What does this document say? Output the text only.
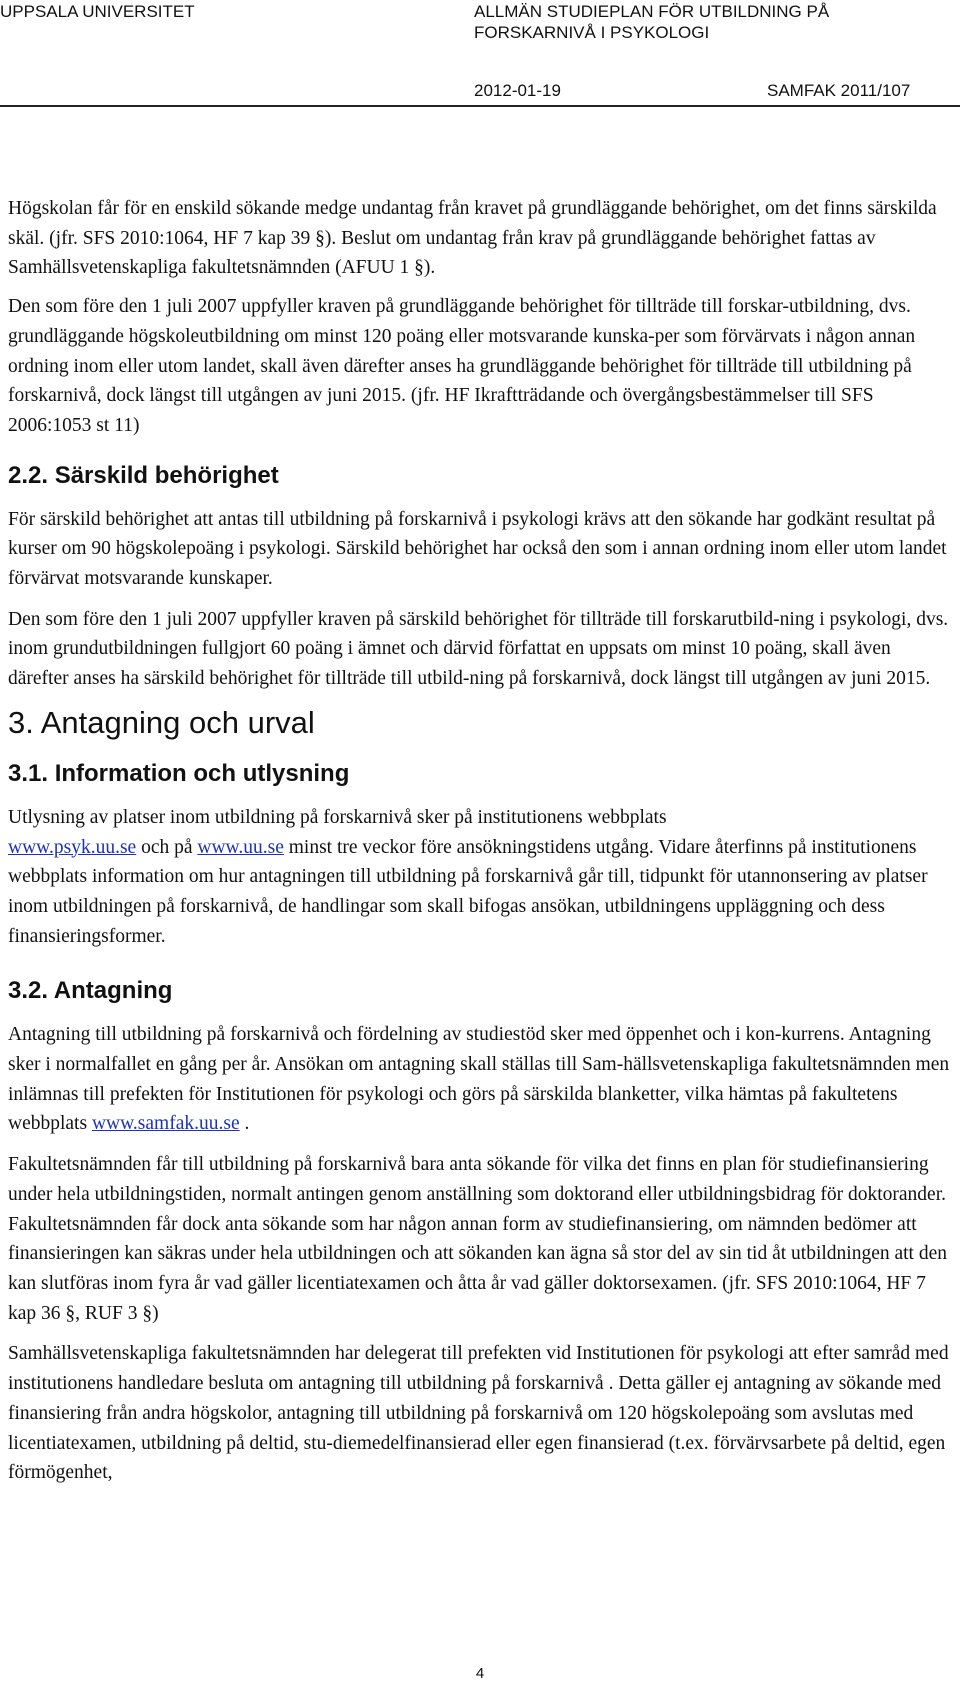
UPPSALA UNIVERSITET	ALLMÄN STUDIEPLAN FÖR UTBILDNING PÅ
FORSKARNIVÅ I PSYKOLOGI
2012-01-19	SAMFAK 2011/107

Högskolan får för en enskild sökande medge undantag från kravet på grundläggande behörighet, om det finns särskilda skäl. (jfr. SFS 2010:1064, HF 7 kap 39 §). Beslut om undantag från krav på grundläggande behörighet fattas av Samhällsvetenskapliga fakultetsnämnden (AFUU 1 §).

Den som före den 1 juli 2007 uppfyller kraven på grundläggande behörighet för tillträde till forskar-utbildning, dvs. grundläggande högskoleutbildning om minst 120 poäng eller motsvarande kunska-per som förvärvats i någon annan ordning inom eller utom landet, skall även därefter anses ha grundläggande behörighet för tillträde till utbildning på forskarnivå, dock längst till utgången av juni 2015. (jfr. HF Ikraftträdande och övergångsbestämmelser till SFS 2006:1053 st 11)

2.2. Särskild behörighet

För särskild behörighet att antas till utbildning på forskarnivå i psykologi krävs att den sökande har godkänt resultat på kurser om 90 högskolepoäng i psykologi. Särskild behörighet har också den som i annan ordning inom eller utom landet förvärvat motsvarande kunskaper.

Den som före den 1 juli 2007 uppfyller kraven på särskild behörighet för tillträde till forskarutbild-ning i psykologi, dvs. inom grundutbildningen fullgjort 60 poäng i ämnet och därvid författat en uppsats om minst 10 poäng, skall även därefter anses ha särskild behörighet för tillträde till utbild-ning på forskarnivå, dock längst till utgången av juni 2015.

3. Antagning och urval
3.1. Information och utlysning

Utlysning av platser inom utbildning på forskarnivå sker på institutionens webbplats
www.psyk.uu.se och på www.uu.se minst tre veckor före ansökningstidens utgång. Vidare återfinns på institutionens webbplats information om hur antagningen till utbildning på forskarnivå går till, tidpunkt för utannonsering av platser inom utbildningen på forskarnivå, de handlingar som skall bifogas ansökan, utbildningens uppläggning och dess finansieringsformer.

3.2. Antagning

Antagning till utbildning på forskarnivå och fördelning av studiestöd sker med öppenhet och i kon-kurrens. Antagning sker i normalfallet en gång per år. Ansökan om antagning skall ställas till Sam-hällsvetenskapliga fakultetsnämnden men inlämnas till prefekten för Institutionen för psykologi och görs på särskilda blanketter, vilka hämtas på fakultetens webbplats www.samfak.uu.se .

Fakultetsnämnden får till utbildning på forskarnivå bara anta sökande för vilka det finns en plan för studiefinansiering under hela utbildningstiden, normalt antingen genom anställning som doktorand eller utbildningsbidrag för doktorander. Fakultetsnämnden får dock anta sökande som har någon annan form av studiefinansiering, om nämnden bedömer att finansieringen kan säkras under hela utbildningen och att sökanden kan ägna så stor del av sin tid åt utbildningen att den kan slutföras inom fyra år vad gäller licentiatexamen och åtta år vad gäller doktorsexamen. (jfr. SFS 2010:1064, HF 7 kap 36 §, RUF 3 §)

Samhällsvetenskapliga fakultetsnämnden har delegerat till prefekten vid Institutionen för psykologi att efter samråd med institutionens handledare besluta om antagning till utbildning på forskarnivå . Detta gäller ej antagning av sökande med finansiering från andra högskolor, antagning till utbildning på forskarnivå om 120 högskolepoäng som avslutas med licentiatexamen, utbildning på deltid, stu-diemedelfinansierad eller egen finansierad (t.ex. förvärvsarbete på deltid, egen förmögenhet,

4
